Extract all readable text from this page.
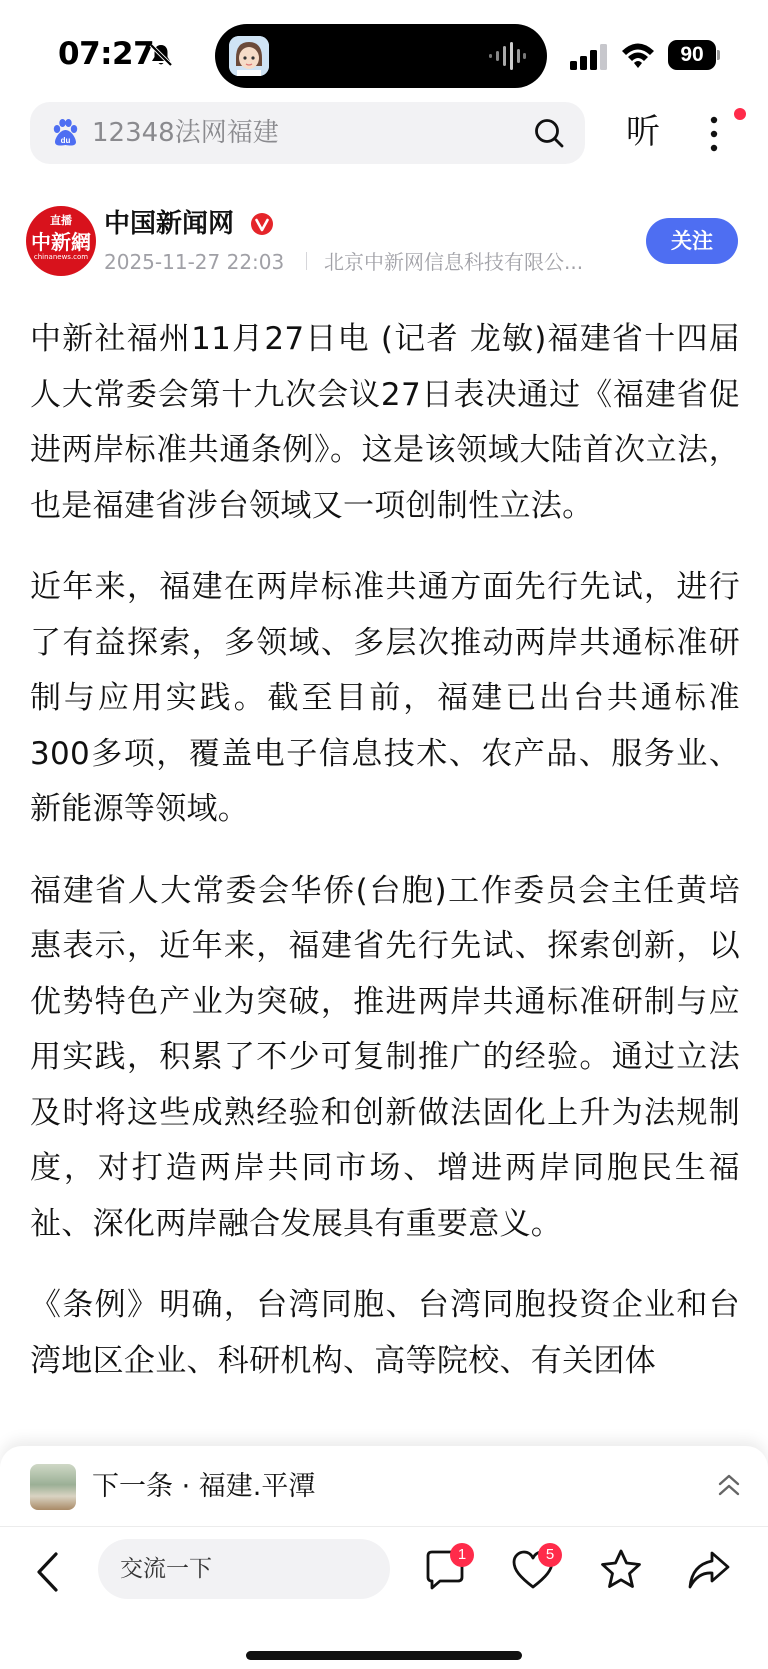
07:27	90
du 12348法网福建	听
直播
中新網
chinanews.com
中国新闻网
2025-11-27 22:03 北京中新网信息科技有限公...
关注

中新社福州11月27日电 (记者 龙敏)福建省十四届人大常委会第十九次会议27日表决通过《福建省促进两岸标准共通条例》。这是该领域大陆首次立法，也是福建省涉台领域又一项创制性立法。

近年来，福建在两岸标准共通方面先行先试，进行了有益探索，多领域、多层次推动两岸共通标准研制与应用实践。截至目前，福建已出台共通标准300多项，覆盖电子信息技术、农产品、服务业、新能源等领域。

福建省人大常委会华侨(台胞)工作委员会主任黄培惠表示，近年来，福建省先行先试、探索创新，以优势特色产业为突破，推进两岸共通标准研制与应用实践，积累了不少可复制推广的经验。通过立法及时将这些成熟经验和创新做法固化上升为法规制度，对打造两岸共同市场、增进两岸同胞民生福祉、深化两岸融合发展具有重要意义。

《条例》明确，台湾同胞、台湾同胞投资企业和台湾地区企业、科研机构、高等院校、有关团体

下一条 · 福建.平潭
交流一下
1	5
